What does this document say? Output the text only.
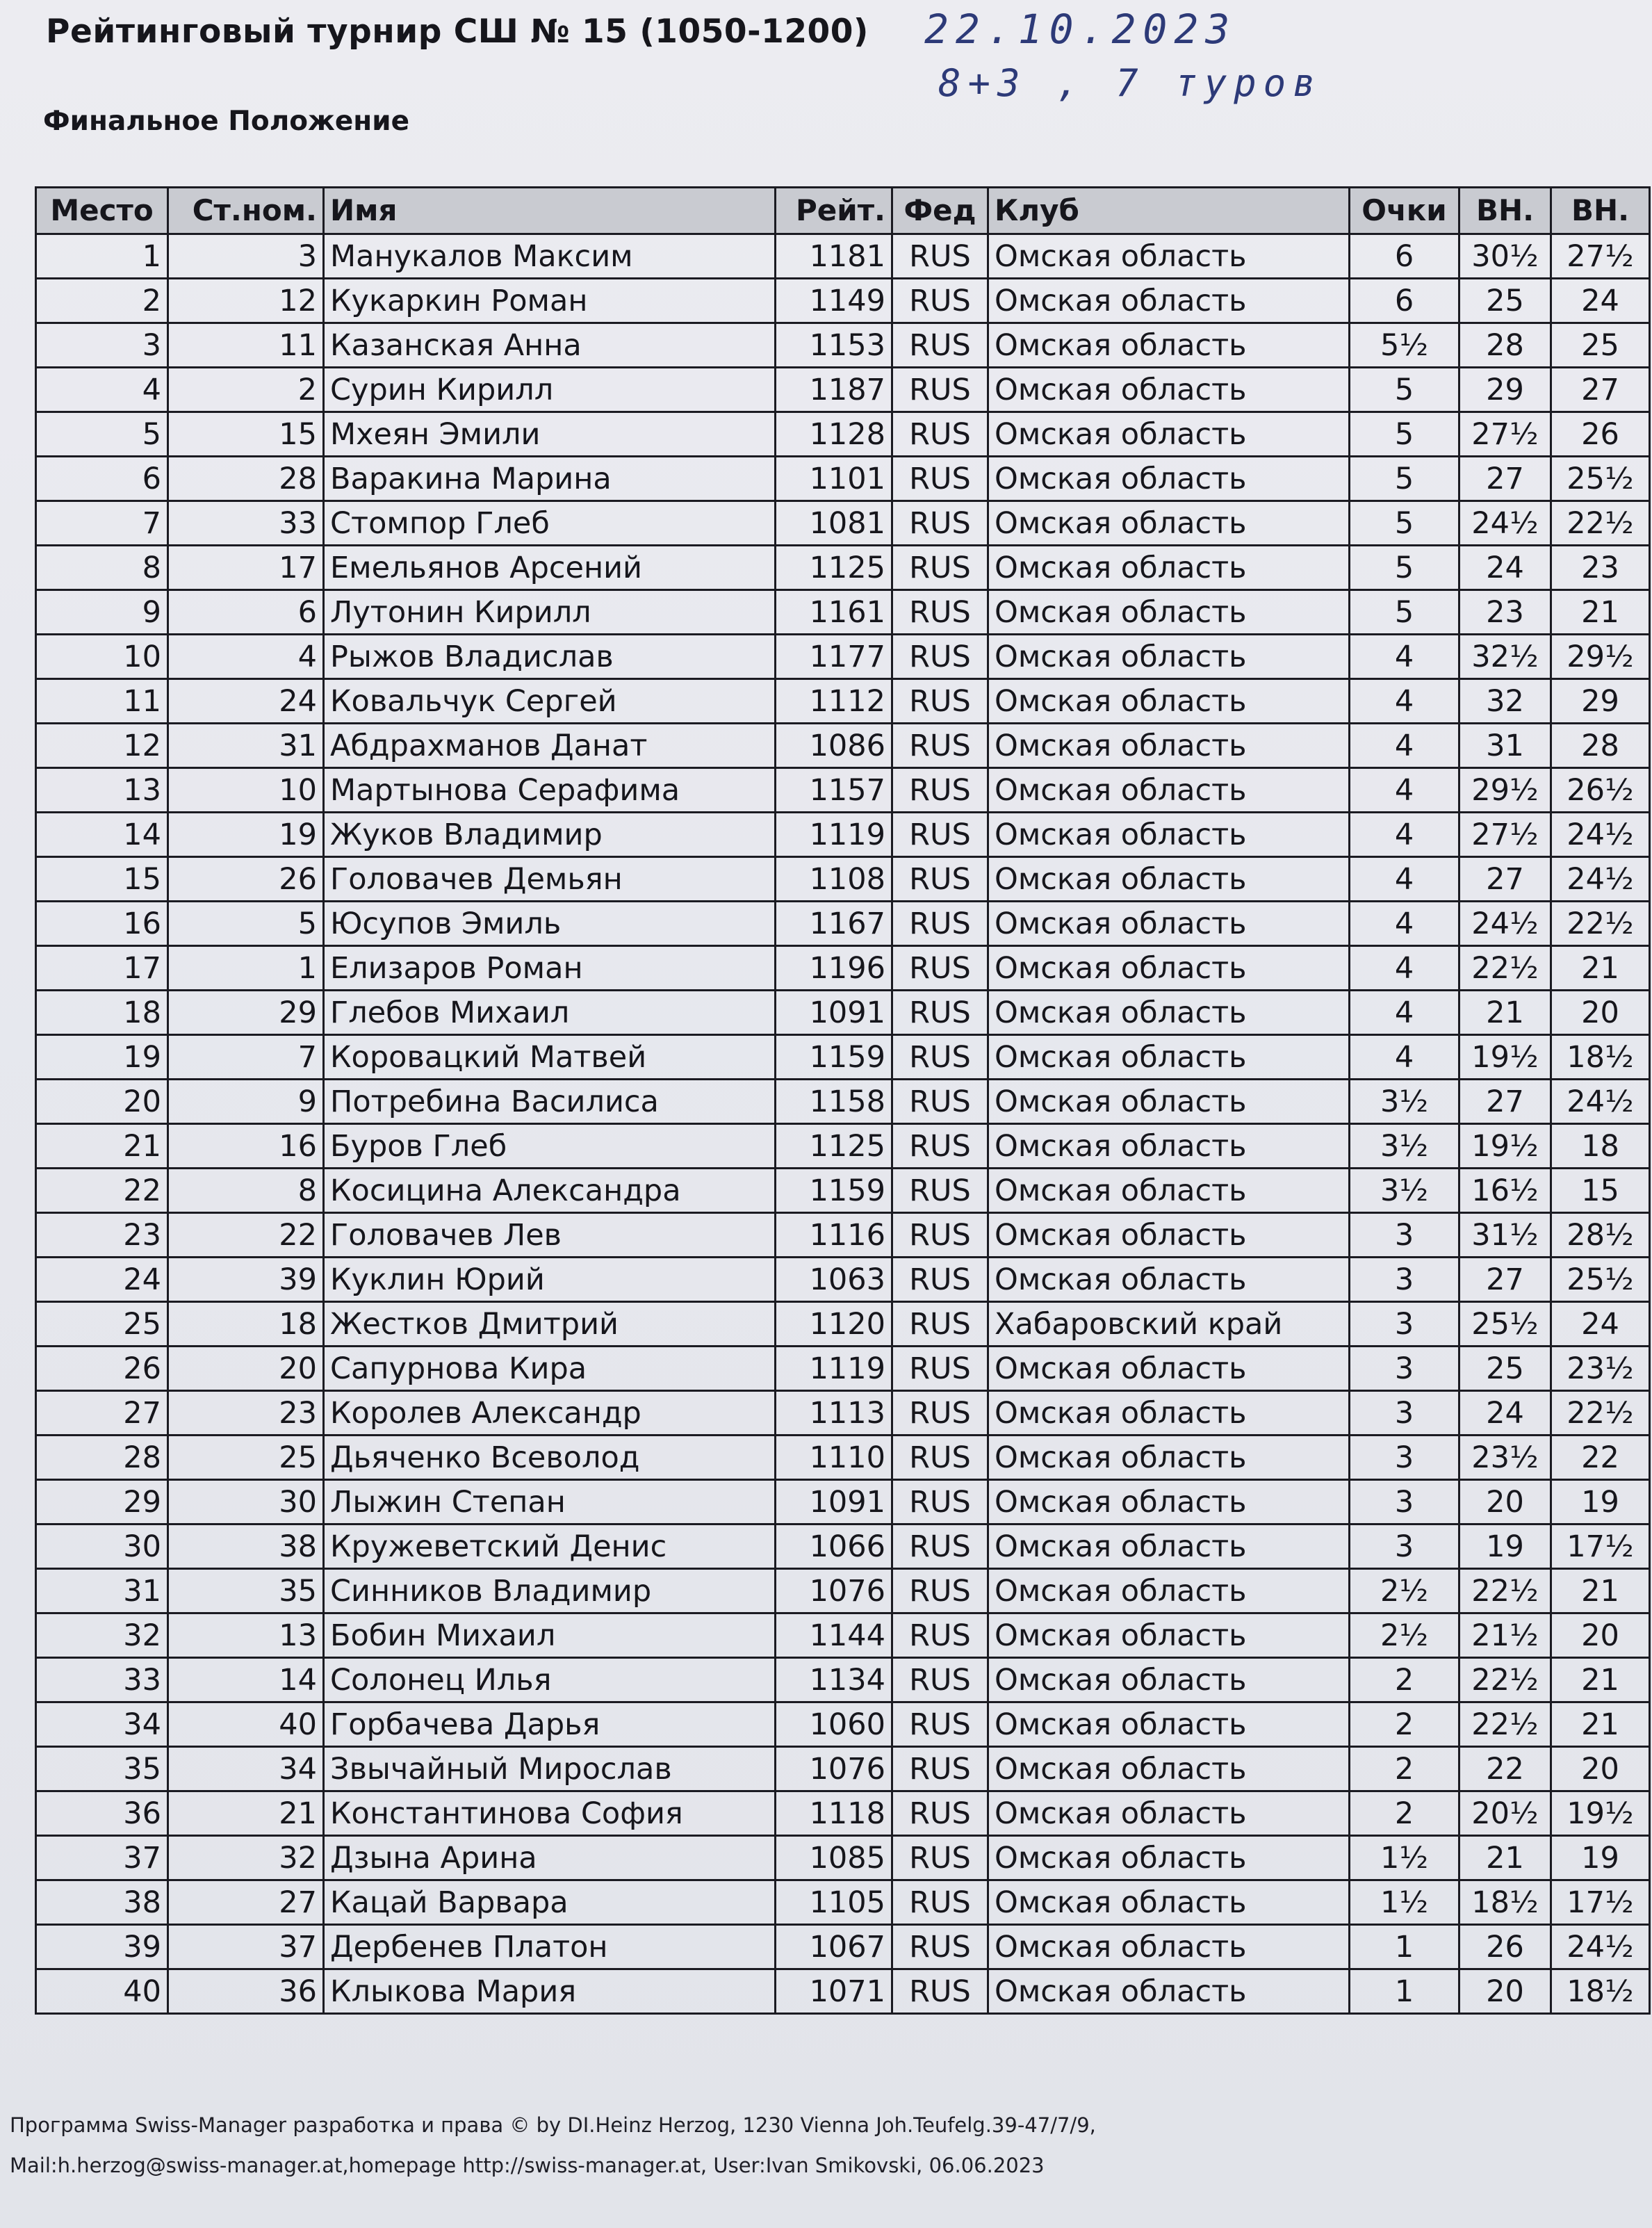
Рейтинговый турнир СШ № 15 (1050-1200) 22.10.2023
8+3 , 7 туров
Финальное Положение
Место	Ст.ном.	Имя	Рейт.	Фед	Клуб	Очки	ВН.	ВН.
1	3	Манукалов Максим	1181	RUS	Омская область	6	30½	27½
2	12	Кукаркин Роман	1149	RUS	Омская область	6	25	24
3	11	Казанская Анна	1153	RUS	Омская область	5½	28	25
4	2	Сурин Кирилл	1187	RUS	Омская область	5	29	27
5	15	Мхеян Эмили	1128	RUS	Омская область	5	27½	26
6	28	Варакина Марина	1101	RUS	Омская область	5	27	25½
7	33	Стомпор Глеб	1081	RUS	Омская область	5	24½	22½
8	17	Емельянов Арсений	1125	RUS	Омская область	5	24	23
9	6	Лутонин Кирилл	1161	RUS	Омская область	5	23	21
10	4	Рыжов Владислав	1177	RUS	Омская область	4	32½	29½
11	24	Ковальчук Сергей	1112	RUS	Омская область	4	32	29
12	31	Абдрахманов Данат	1086	RUS	Омская область	4	31	28
13	10	Мартынова Серафима	1157	RUS	Омская область	4	29½	26½
14	19	Жуков Владимир	1119	RUS	Омская область	4	27½	24½
15	26	Головачев Демьян	1108	RUS	Омская область	4	27	24½
16	5	Юсупов Эмиль	1167	RUS	Омская область	4	24½	22½
17	1	Елизаров Роман	1196	RUS	Омская область	4	22½	21
18	29	Глебов Михаил	1091	RUS	Омская область	4	21	20
19	7	Коровацкий Матвей	1159	RUS	Омская область	4	19½	18½
20	9	Потребина Василиса	1158	RUS	Омская область	3½	27	24½
21	16	Буров Глеб	1125	RUS	Омская область	3½	19½	18
22	8	Косицина Александра	1159	RUS	Омская область	3½	16½	15
23	22	Головачев Лев	1116	RUS	Омская область	3	31½	28½
24	39	Куклин Юрий	1063	RUS	Омская область	3	27	25½
25	18	Жестков Дмитрий	1120	RUS	Хабаровский край	3	25½	24
26	20	Сапурнова Кира	1119	RUS	Омская область	3	25	23½
27	23	Королев Александр	1113	RUS	Омская область	3	24	22½
28	25	Дьяченко Всеволод	1110	RUS	Омская область	3	23½	22
29	30	Лыжин Степан	1091	RUS	Омская область	3	20	19
30	38	Кружеветский Денис	1066	RUS	Омская область	3	19	17½
31	35	Синников Владимир	1076	RUS	Омская область	2½	22½	21
32	13	Бобин Михаил	1144	RUS	Омская область	2½	21½	20
33	14	Солонец Илья	1134	RUS	Омская область	2	22½	21
34	40	Горбачева Дарья	1060	RUS	Омская область	2	22½	21
35	34	Звычайный Мирослав	1076	RUS	Омская область	2	22	20
36	21	Константинова София	1118	RUS	Омская область	2	20½	19½
37	32	Дзына Арина	1085	RUS	Омская область	1½	21	19
38	27	Кацай Варвара	1105	RUS	Омская область	1½	18½	17½
39	37	Дербенев Платон	1067	RUS	Омская область	1	26	24½
40	36	Клыкова Мария	1071	RUS	Омская область	1	20	18½
Программа Swiss-Manager разработка и права © by DI.Heinz Herzog, 1230 Vienna Joh.Teufelg.39-47/7/9,
Mail:h.herzog@swiss-manager.at,homepage http://swiss-manager.at, User:Ivan Smikovski, 06.06.2023
